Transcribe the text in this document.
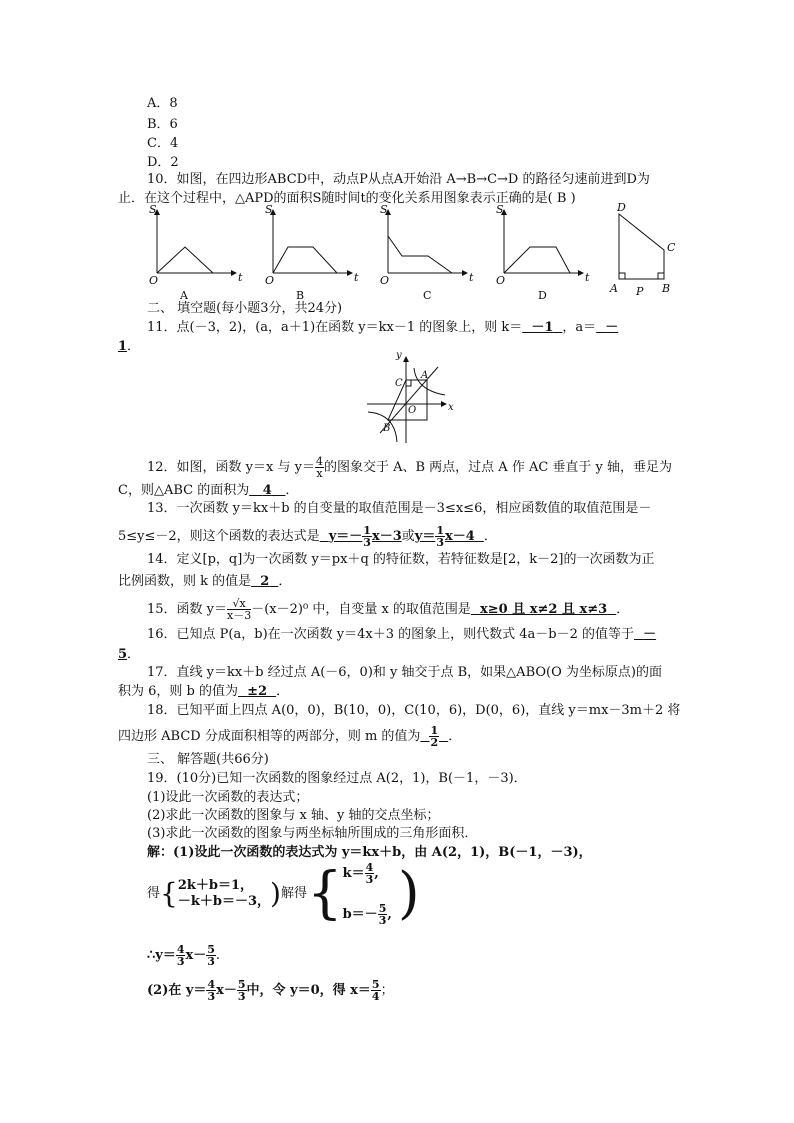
A．8
B．6
C．4
D．2
10．如图，在四边形ABCD中，动点P从点A开始沿 A→B→C→D 的路径匀速前进到D为
止．在这个过程中，△APD的面积S随时间t的变化关系用图象表示正确的是( B )
S
t
O
S
t
O
S
t
O
S
t
O
D
C
A	B
P
A	B	C	D
二、 填空题(每小题3分，共24分)
11．点(－3，2)，(a，a＋1)在函数 y＝kx－1 的图象上，则 k＝ －1 ，a＝ －
1．
y
x
O
A
B
C
12．如图，函数 y＝x 与 $y= \frac{4}{x}$ 的图象交于 A、B 两点，过点 A 作 AC 垂直于 y 轴，垂足为
C，则△ABC 的面积为 4 ．
13．一次函数 y＝kx＋b 的自变量的取值范围是－3≤x≤6，相应函数值的取值范围是－
5≤y≤－2，则这个函数的表达式是 $y=- \frac{1}{3} x-3$或$y= \frac{1}{3} x-4$ ．
14．定义[p，q]为一次函数 y＝px＋q 的特征数，若特征数是[2，k－2]的一次函数为正
比例函数，则 k 的值是 2 ．
15．函数 $y= \frac{√x}{x-3} -(x-2)^0$ 中，自变量 x 的取值范围是 x≥0 且 x≠2 且 x≠3 ．
16．已知点 P(a，b)在一次函数 y＝4x＋3 的图象上，则代数式 4a－b－2 的值等于 －
5．
17．直线 y＝kx＋b 经过点 A(－6，0)和 y 轴交于点 B，如果△ABO(O 为坐标原点)的面
积为 6，则 b 的值为 ±2 ．
18．已知平面上四点 A(0，0)，B(10，0)，C(10，6)，D(0，6)，直线 y＝mx－3m＋2 将
四边形 ABCD 分成面积相等的两部分，则 m 的值为 $\frac{1}{2}$ ．
三、 解答题(共66分)
19．(10分)已知一次函数的图象经过点 A(2，1)，B(－1，－3)．
(1)设此一次函数的表达式；
(2)求此一次函数的图象与 x 轴、y 轴的交点坐标；
(3)求此一次函数的图象与两坐标轴所围成的三角形面积．
解：(1)设此一次函数的表达式为 y＝kx＋b，由 A(2，1)，B(－1，－3)，
得{ 2k＋b＝1，
－k＋b＝－3， )解得{ $k= \frac{4}{3}$ ,
$b=- \frac{5}{3}$ , )
∴y＝ $\frac{4}{3} x- \frac{5}{3}$ .
(2)在 $y= \frac{4}{3} x- \frac{5}{3}$ 中，令 y＝0，得 $x= \frac{5}{4}$ ；
